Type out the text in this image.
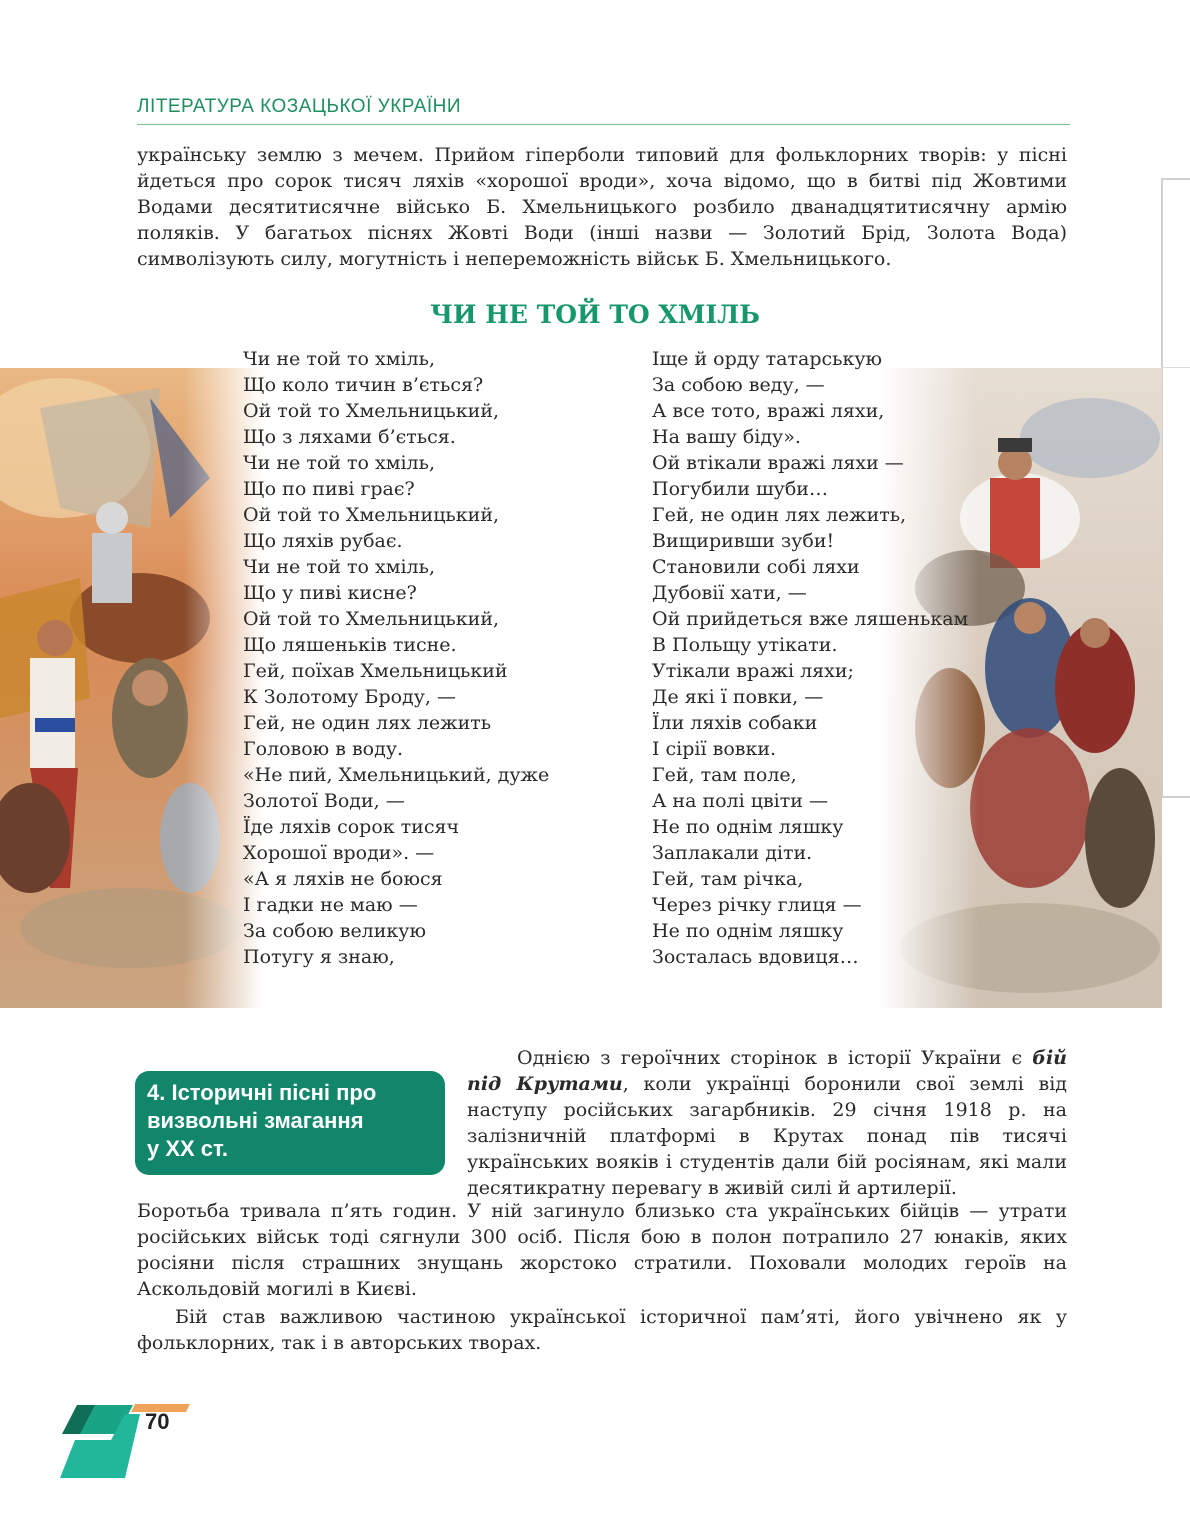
ЛІТЕРАТУРА КОЗАЦЬКОЇ УКРАЇНИ

українську землю з мечем. Прийом гіперболи типовий для фольклорних творів: у пісні йдеться про сорок тисяч ляхів «хорошої вроди», хоча відомо, що в битві під Жовтими Водами десятитисячне військо Б. Хмельницького розбило дванадцятитисячну армію поляків. У багатьох піснях Жовті Води (інші назви — Золотий Брід, Золота Вода) символізують силу, могутність і непереможність військ Б. Хмельницького.

ЧИ НЕ ТОЙ ТО ХМІЛЬ
Чи не той то хміль,
Що коло тичин в’ється?
Ой той то Хмельницький,
Що з ляхами б’ється.
Чи не той то хміль,
Що по пиві грає?
Ой той то Хмельницький,
Що ляхів рубає.
Чи не той то хміль,
Що у пиві кисне?
Ой той то Хмельницький,
Що ляшеньків тисне.
Гей, поїхав Хмельницький
К Золотому Броду, —
Гей, не один лях лежить
Головою в воду.
«Не пий, Хмельницький, дуже
Золотої Води, —
Їде ляхів сорок тисяч
Хорошої вроди». —
«А я ляхів не боюся
І гадки не маю —
За собою великую
Потугу я знаю,
Іще й орду татарськую
За собою веду, —
А все тото, вражі ляхи,
На вашу біду».
Ой втікали вражі ляхи —
Погубили шуби…
Гей, не один лях лежить,
Вищиривши зуби!
Становили собі ляхи
Дубовії хати, —
Ой прийдеться вже ляшенькам
В Польщу утікати.
Утікали вражі ляхи;
Де які ї повки, —
Їли ляхів собаки
І сірії вовки.
Гей, там поле,
А на полі цвіти —
Не по однім ляшку
Заплакали діти.
Гей, там річка,
Через річку глиця —
Не по однім ляшку
Зосталась вдовиця…
4. Історичні пісні про
визвольні змагання
у ХХ ст.

Однією з героїчних сторінок в історії України є бій під Крутами, коли українці боронили свої землі від наступу російських загарбників. 29 січня 1918 р. на залізничній платформі в Крутах понад пів тисячі українських вояків і студентів дали бій росіянам, які мали десятикратну перевагу в живій силі й артилерії.

Боротьба тривала п’ять годин. У ній загинуло близько ста українських бійців — утрати російських військ тоді сягнули 300 осіб. Після бою в полон потрапило 27 юнаків, яких росіяни після страшних знущань жорстоко стратили. Поховали молодих героїв на Аскольдовій могилі в Києві.

Бій став важливою частиною української історичної пам’яті, його увічнено як у фольклорних, так і в авторських творах.

70
